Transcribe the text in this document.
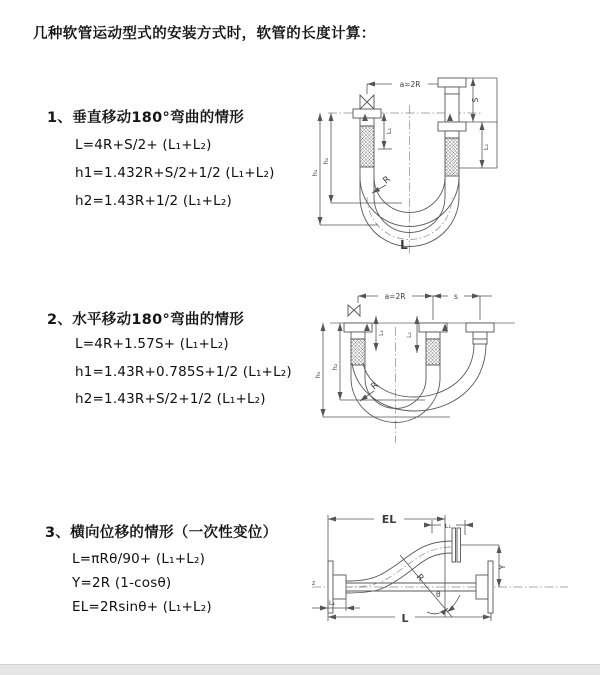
几种软管运动型式的安装方式时，软管的长度计算：
1、垂直移动180°弯曲的情形
L=4R+S/2+ (L₁+L₂)
h1=1.432R+S/2+1/2 (L₁+L₂)
h2=1.43R+1/2 (L₁+L₂)
2、水平移动180°弯曲的情形
L=4R+1.57S+ (L₁+L₂)
h1=1.43R+0.785S+1/2 (L₁+L₂)
h2=1.43R+S/2+1/2 (L₁+L₂)
3、横向位移的情形（一次性变位）
L=πRθ/90+ (L₁+L₂)
Y=2R (1-cosθ)
EL=2Rsinθ+ (L₁+L₂)
a=2R
S
L₂
L₁
h₁
h₂
R
L
a=2R	s
L₁	L₂
h₁
h₂
R
z
EL	L₁
Y
R
θ
L₁
L
